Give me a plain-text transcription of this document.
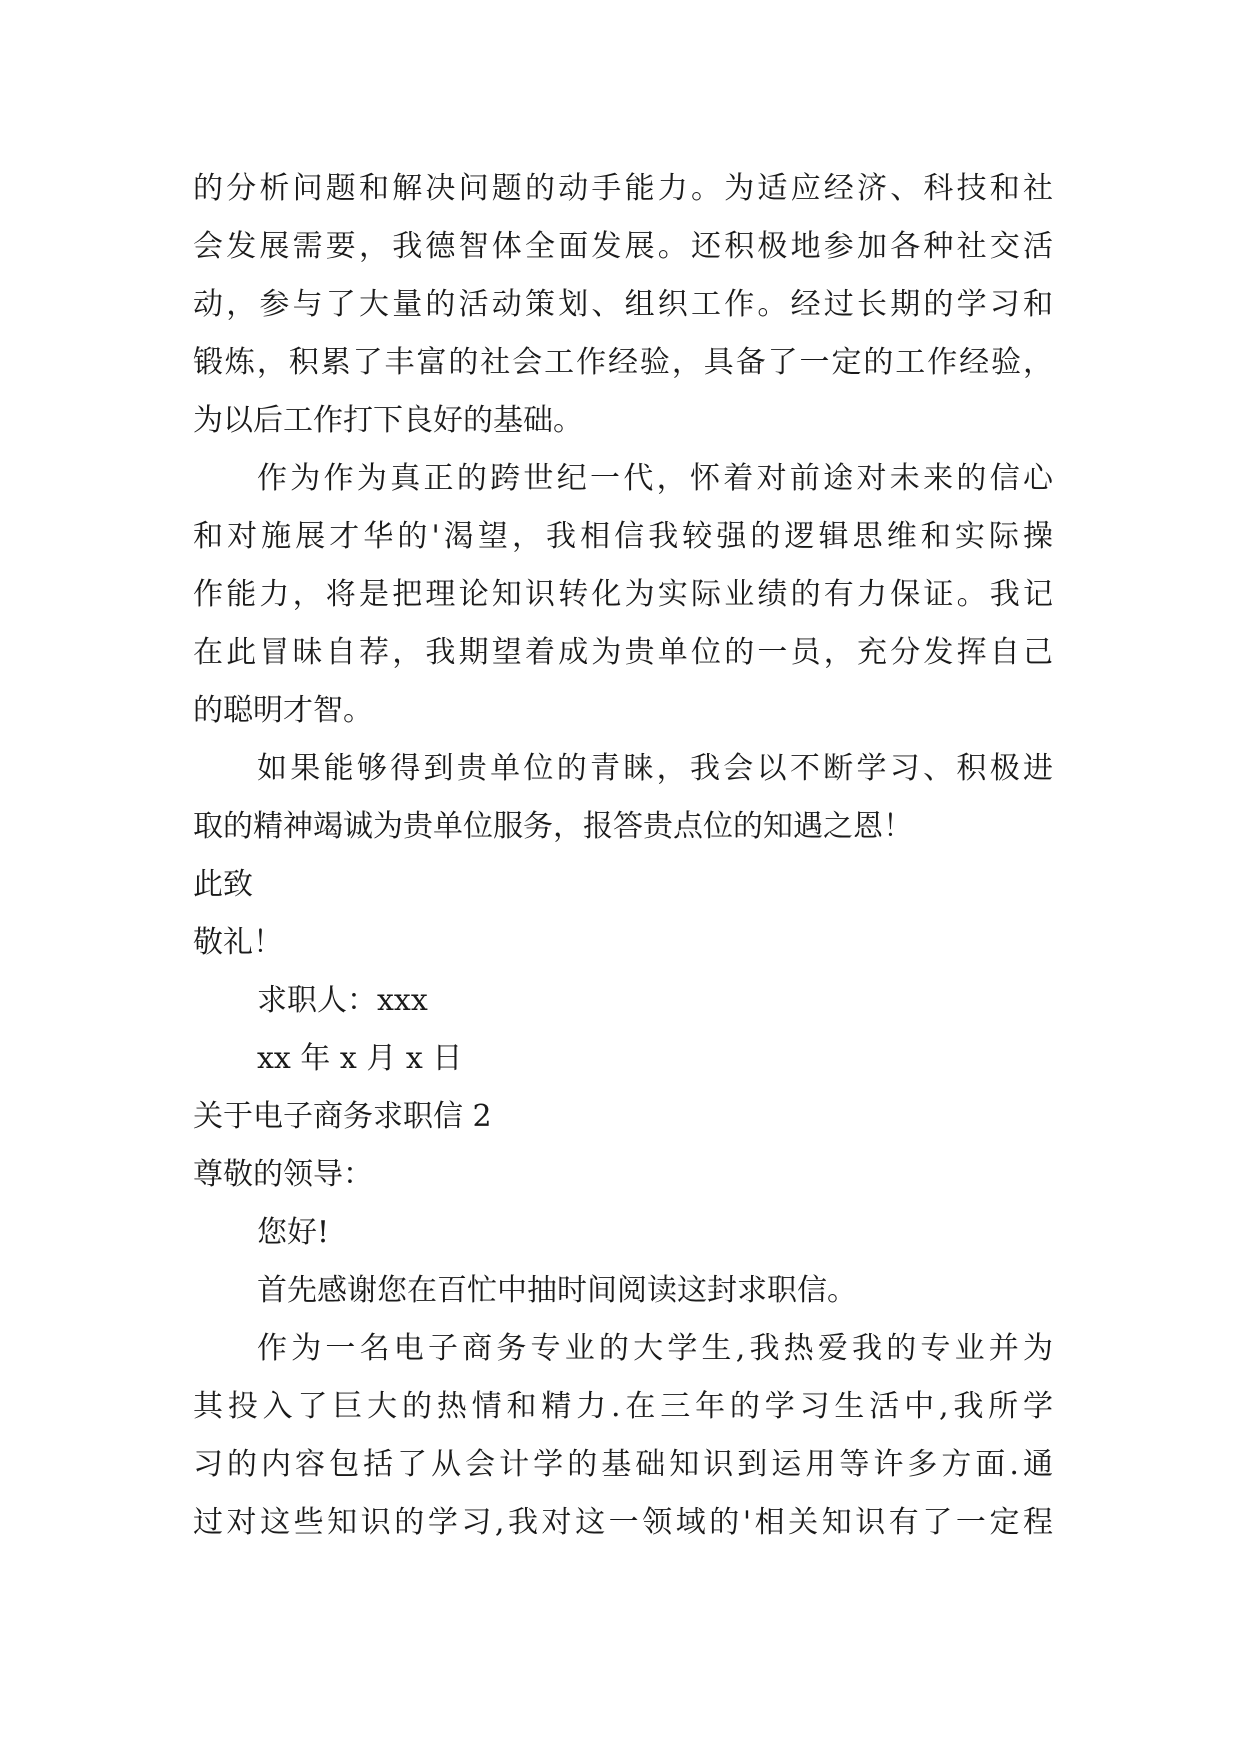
的分析问题和解决问题的动手能力。为适应经济、科技和社
会发展需要，我德智体全面发展。还积极地参加各种社交活
动，参与了大量的活动策划、组织工作。经过长期的学习和
锻炼，积累了丰富的社会工作经验，具备了一定的工作经验，
为以后工作打下良好的基础。
作为作为真正的跨世纪一代，怀着对前途对未来的信心
和对施展才华的'渴望，我相信我较强的逻辑思维和实际操
作能力，将是把理论知识转化为实际业绩的有力保证。我记
在此冒昧自荐，我期望着成为贵单位的一员，充分发挥自己
的聪明才智。
如果能够得到贵单位的青睐，我会以不断学习、积极进
取的精神竭诚为贵单位服务，报答贵点位的知遇之恩！
此致
敬礼！
求职人：xxx
xx 年 x 月 x 日
关于电子商务求职信 2
尊敬的领导：
您好!
首先感谢您在百忙中抽时间阅读这封求职信。
作为一名电子商务专业的大学生,我热爱我的专业并为
其投入了巨大的热情和精力.在三年的学习生活中,我所学
习的内容包括了从会计学的基础知识到运用等许多方面.通
过对这些知识的学习,我对这一领域的'相关知识有了一定程
